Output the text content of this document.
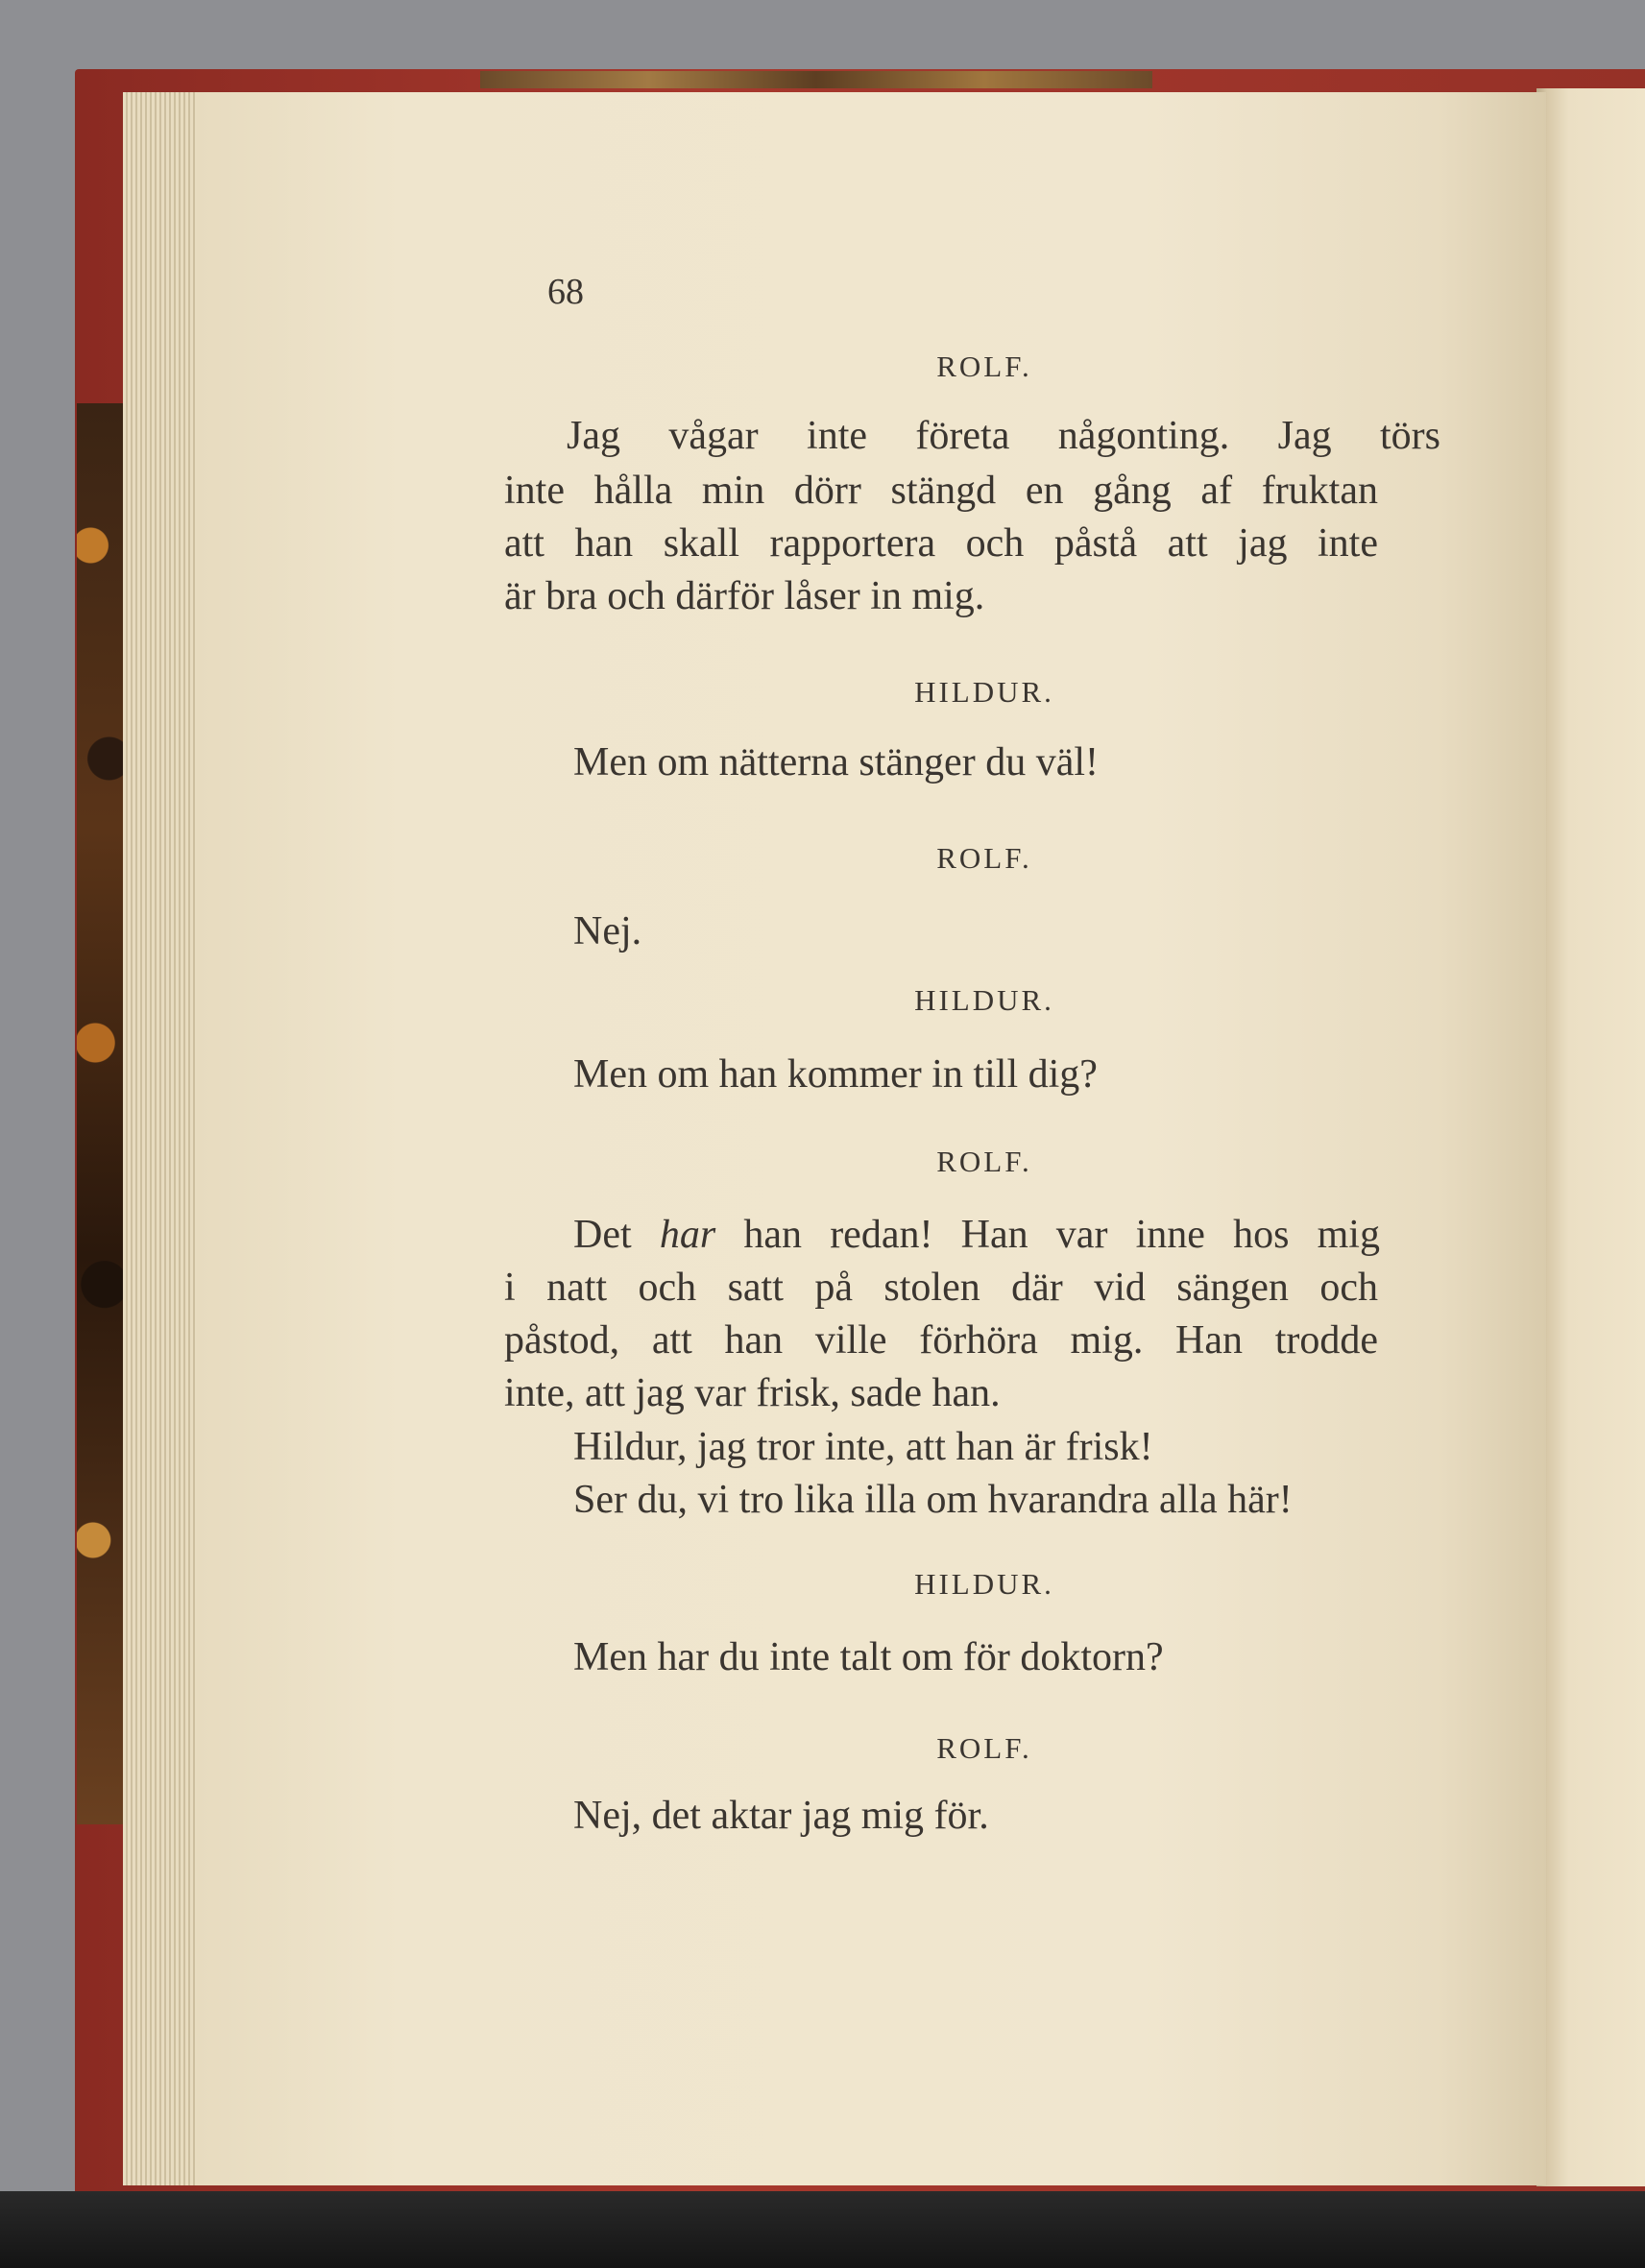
68
ROLF.
Jag vågar inte företa någonting. Jag törs
inte hålla min dörr stängd en gång af fruktan
att han skall rapportera och påstå att jag inte
är bra och därför låser in mig.
HILDUR.
Men om nätterna stänger du väl!
ROLF.
Nej.
HILDUR.
Men om han kommer in till dig?
ROLF.
Det har han redan! Han var inne hos mig
i natt och satt på stolen där vid sängen och
påstod, att han ville förhöra mig. Han trodde
inte, att jag var frisk, sade han.
Hildur, jag tror inte, att han är frisk!
Ser du, vi tro lika illa om hvarandra alla här!
HILDUR.
Men har du inte talt om för doktorn?
ROLF.
Nej, det aktar jag mig för.
